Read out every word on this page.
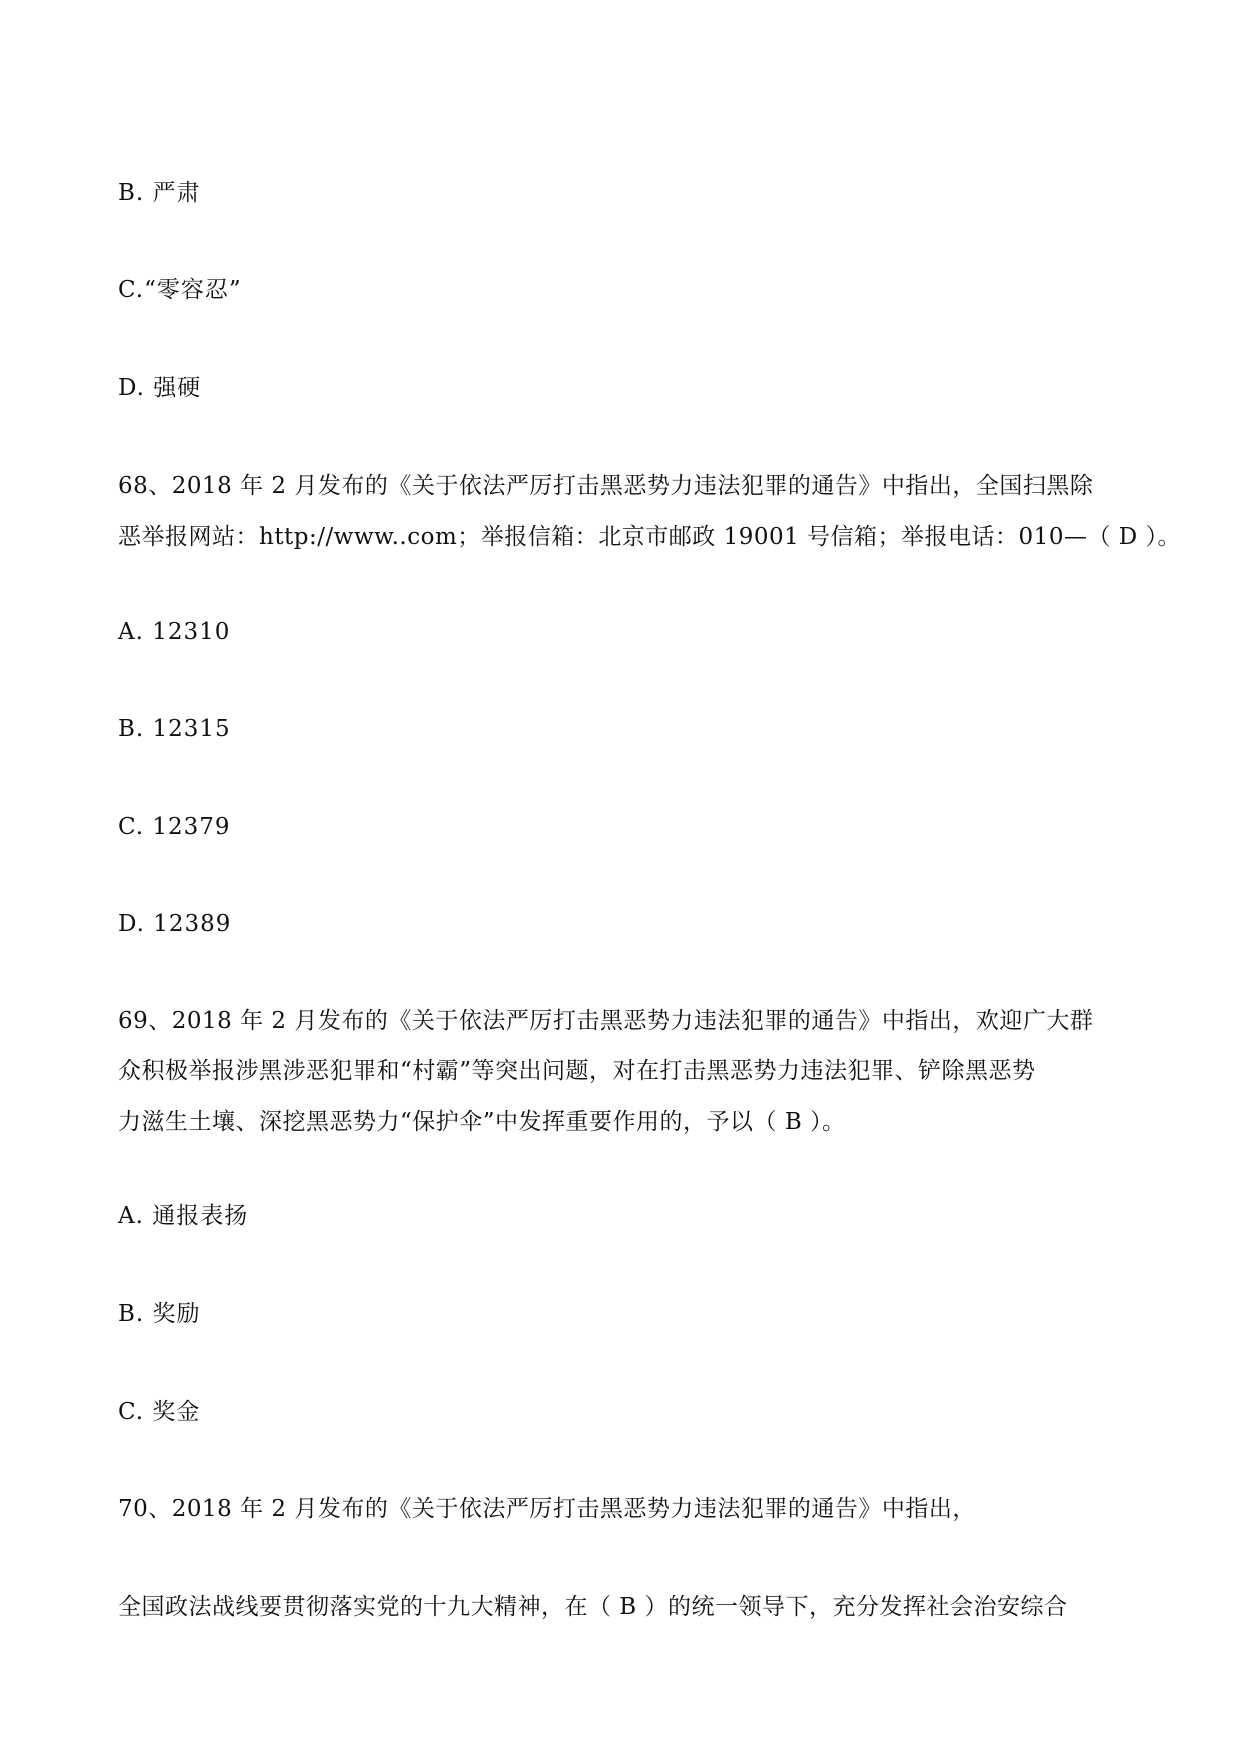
B. 严肃
C.“零容忍”
D. 强硬
68、2018 年 2 月发布的《关于依法严厉打击黑恶势力违法犯罪的通告》中指出，全国扫黑除
恶举报网站：http://www..com；举报信箱：北京市邮政 19001 号信箱；举报电话：010—（ D ）。
A. 12310
B. 12315
C. 12379
D. 12389
69、2018 年 2 月发布的《关于依法严厉打击黑恶势力违法犯罪的通告》中指出，欢迎广大群
众积极举报涉黑涉恶犯罪和“村霸”等突出问题，对在打击黑恶势力违法犯罪、铲除黑恶势
力滋生土壤、深挖黑恶势力“保护伞”中发挥重要作用的，予以（ B ）。
A. 通报表扬
B. 奖励
C. 奖金
70、2018 年 2 月发布的《关于依法严厉打击黑恶势力违法犯罪的通告》中指出，
全国政法战线要贯彻落实党的十九大精神，在（ B ）的统一领导下，充分发挥社会治安综合
